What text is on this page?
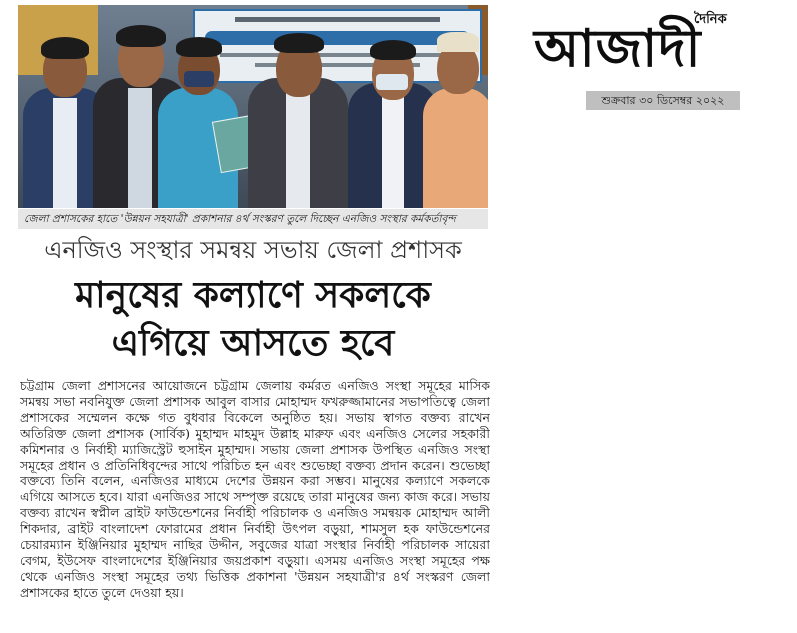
জেলা প্রশাসকের হাতে 'উন্নয়ন সহযাত্রী' প্রকাশনার ৪র্থ সংস্করণ তুলে দিচ্ছেন এনজিও সংস্থার কর্মকর্তাবৃন্দ
দৈনিক
আজাদী
শুক্রবার ৩০ ডিসেম্বর ২০২২
এনজিও সংস্থার সমন্বয় সভায় জেলা প্রশাসক
মানুষের কল্যাণে সকলকে
এগিয়ে আসতে হবে
চট্টগ্রাম জেলা প্রশাসনের আয়োজনে চট্টগ্রাম জেলায় কর্মরত এনজিও সংস্থা সমূহের মাসিক সমন্বয় সভা নবনিযুক্ত জেলা প্রশাসক আবুল বাসার মোহাম্মদ ফখরুজ্জামানের সভাপতিত্বে জেলা প্রশাসকের সম্মেলন কক্ষে গত বুধবার বিকেলে অনুষ্ঠিত হয়। সভায় স্বাগত বক্তব্য রাখেন অতিরিক্ত জেলা প্রশাসক (সার্বিক) মুহাম্মদ মাহমুদ উল্লাহ মারুফ এবং এনজিও সেলের সহকারী কমিশনার ও নির্বাহী ম্যাজিস্ট্রেট হুসাইন মুহাম্মদ। সভায় জেলা প্রশাসক উপস্থিত এনজিও সংস্থা সমূহের প্রধান ও প্রতিনিধিবৃন্দের সাথে পরিচিত হন এবং শুভেচ্ছা বক্তব্য প্রদান করেন। শুভেচ্ছা বক্তব্যে তিনি বলেন, এনজিওর মাধ্যমে দেশের উন্নয়ন করা সম্ভব। মানুষের কল্যাণে সকলকে এগিয়ে আসতে হবে। যারা এনজিওর সাথে সম্পৃক্ত রয়েছে তারা মানুষের জন্য কাজ করে। সভায় বক্তব্য রাখেন স্বপ্নীল ব্রাইট ফাউন্ডেশনের নির্বাহী পরিচালক ও এনজিও সমন্বয়ক মোহাম্মদ আলী শিকদার, ব্রাইট বাংলাদেশ ফোরামের প্রধান নির্বাহী উৎপল বড়ুয়া, শামসুল হক ফাউন্ডেশনের চেয়ারম্যান ইঞ্জিনিয়ার মুহাম্মদ নাছির উদ্দীন, সবুজের যাত্রা সংস্থার নির্বাহী পরিচালক সায়েরা বেগম, ইউসেফ বাংলাদেশের ইঞ্জিনিয়ার জয়প্রকাশ বড়ুয়া। এসময় এনজিও সংস্থা সমূহের পক্ষ থেকে এনজিও সংস্থা সমূহের তথ্য ভিত্তিক প্রকাশনা 'উন্নয়ন সহযাত্রী'র ৪র্থ সংস্করণ জেলা প্রশাসকের হাতে তুলে দেওয়া হয়।
